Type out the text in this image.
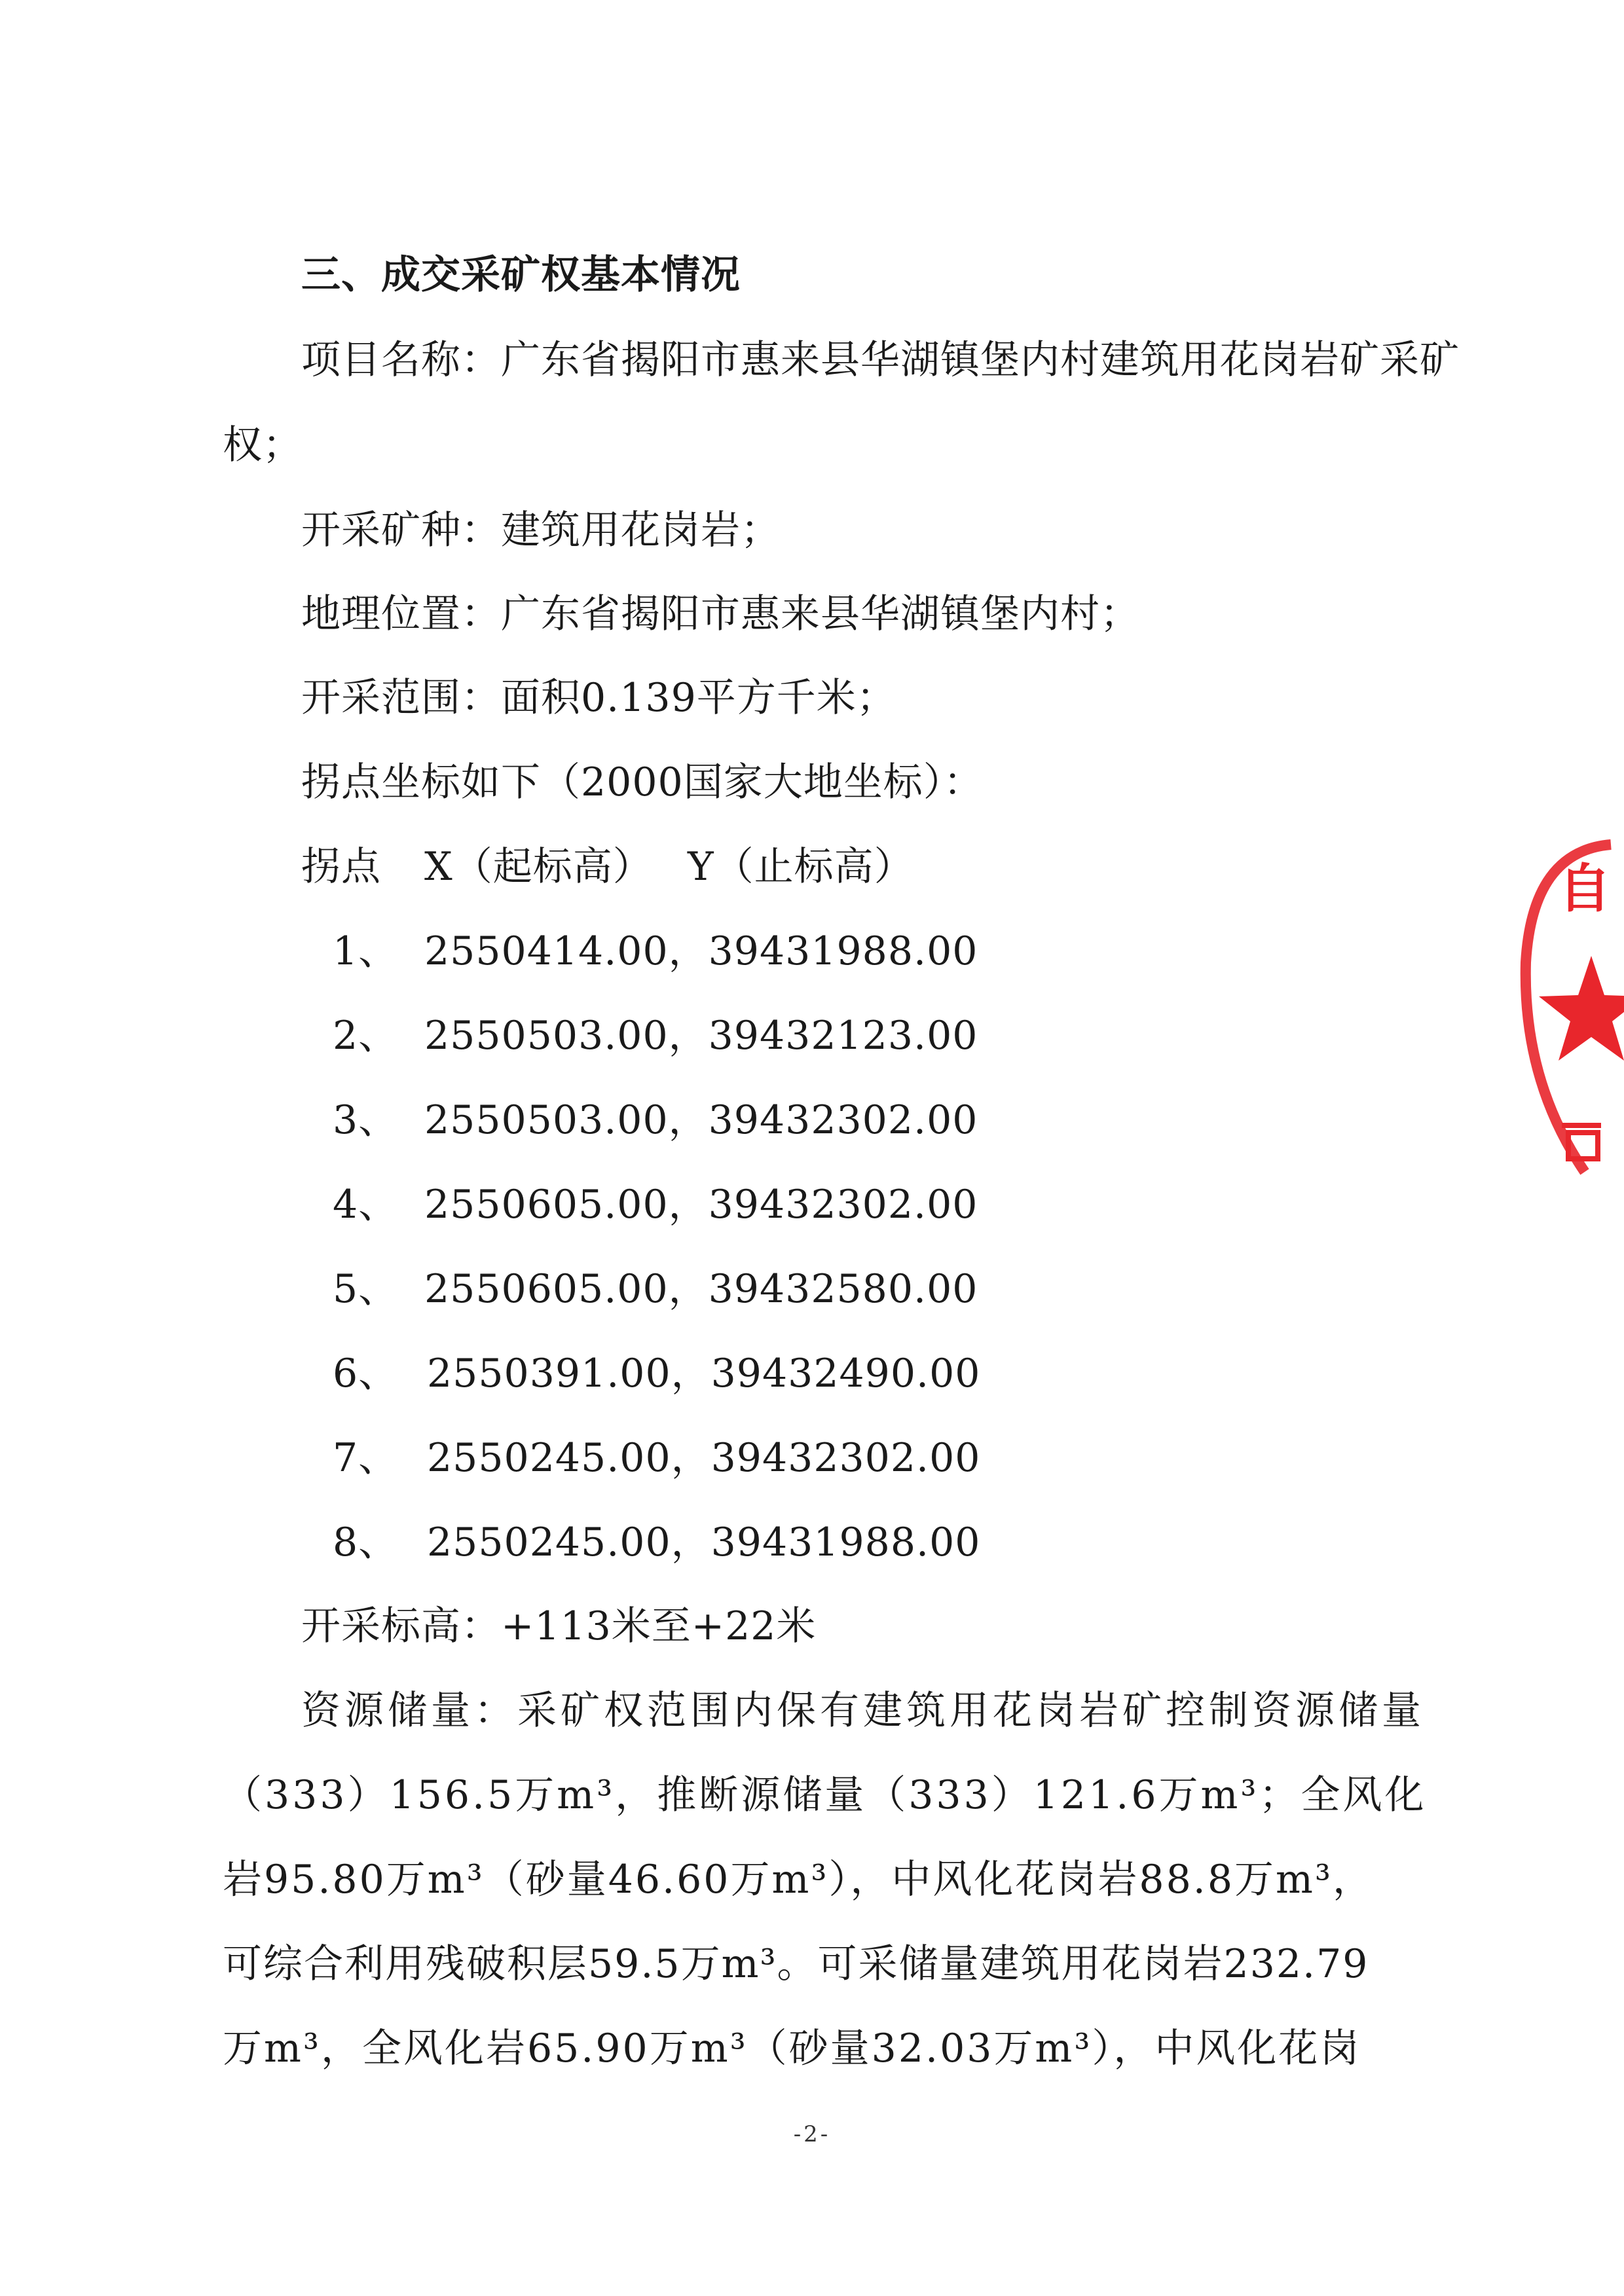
三、成交采矿权基本情况
项目名称：广东省揭阳市惠来县华湖镇堡内村建筑用花岗岩矿采矿
权；
开采矿种：建筑用花岗岩；
地理位置：广东省揭阳市惠来县华湖镇堡内村；
开采范围：面积0.139平方千米；
拐点坐标如下（2000国家大地坐标）：
拐点 X（起标高） Y（止标高）
1、 2550414.00，39431988.00
2、 2550503.00，39432123.00
3、 2550503.00，39432302.00
4、 2550605.00，39432302.00
5、 2550605.00，39432580.00
6、 2550391.00，39432490.00
7、 2550245.00，39432302.00
8、 2550245.00，39431988.00
开采标高：+113米至+22米
资源储量：采矿权范围内保有建筑用花岗岩矿控制资源储量
（333）156.5万m³，推断源储量（333）121.6万m³；全风化
岩95.80万m³（砂量46.60万m³），中风化花岗岩88.8万m³，
可综合利用残破积层59.5万m³。可采储量建筑用花岗岩232.79
万m³，全风化岩65.90万m³（砂量32.03万m³），中风化花岗
-2-
自
